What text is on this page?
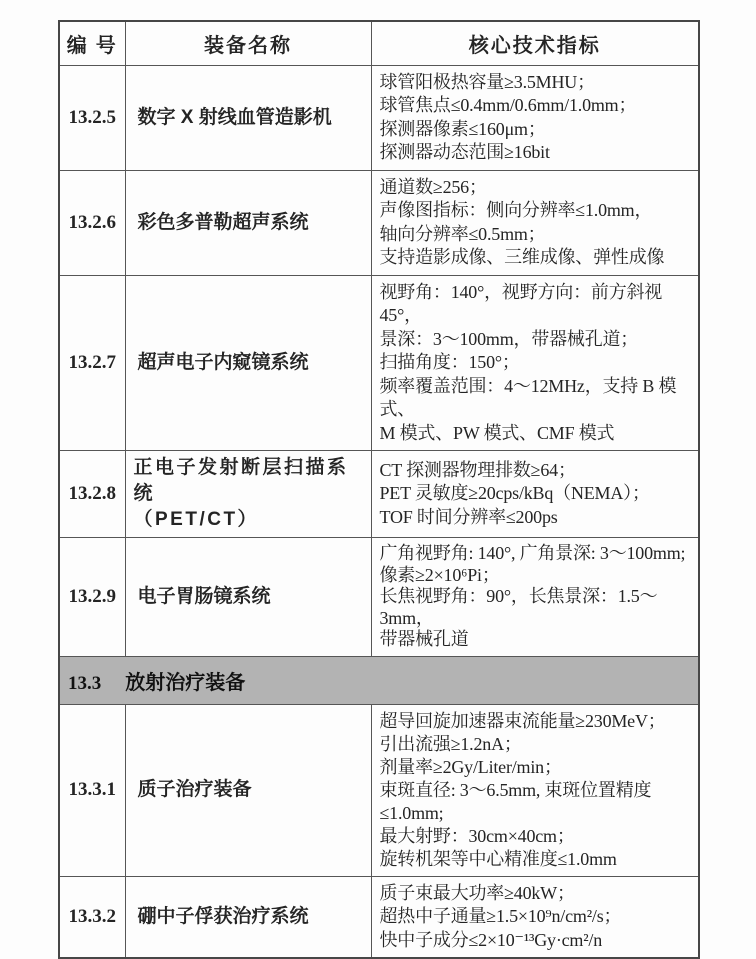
编 号	装备名称	核心技术指标
13.2.5	数字 X 射线血管造影机	球管阳极热容量≥3.5MHU；
球管焦点≤0.4mm/0.6mm/1.0mm；
探测器像素≤160μm；
探测器动态范围≥16bit
13.2.6	彩色多普勒超声系统	通道数≥256；
声像图指标：侧向分辨率≤1.0mm，
轴向分辨率≤0.5mm；
支持造影成像、三维成像、弹性成像
13.2.7	超声电子内窥镜系统	视野角：140°，视野方向：前方斜视 45°，
景深：3～100mm，带器械孔道；
扫描角度：150°；
频率覆盖范围：4～12MHz，支持 B 模式、
M 模式、PW 模式、CMF 模式
13.2.8	正电子发射断层扫描系统
（PET/CT）	CT 探测器物理排数≥64；
PET 灵敏度≥20cps/kBq（NEMA）；
TOF 时间分辨率≤200ps
13.2.9	电子胃肠镜系统	广角视野角: 140°, 广角景深: 3～100mm;
像素≥2×10⁶Pi；
长焦视野角：90°，长焦景深：1.5～3mm，
带器械孔道
13.3 放射治疗装备		
13.3.1	质子治疗装备	超导回旋加速器束流能量≥230MeV；
引出流强≥1.2nA；
剂量率≥2Gy/Liter/min；
束斑直径: 3～6.5mm, 束斑位置精度≤1.0mm;
最大射野：30cm×40cm；
旋转机架等中心精准度≤1.0mm
13.3.2	硼中子俘获治疗系统	质子束最大功率≥40kW；
超热中子通量≥1.5×10⁹n/cm²/s；
快中子成分≤2×10⁻¹³Gy·cm²/n
